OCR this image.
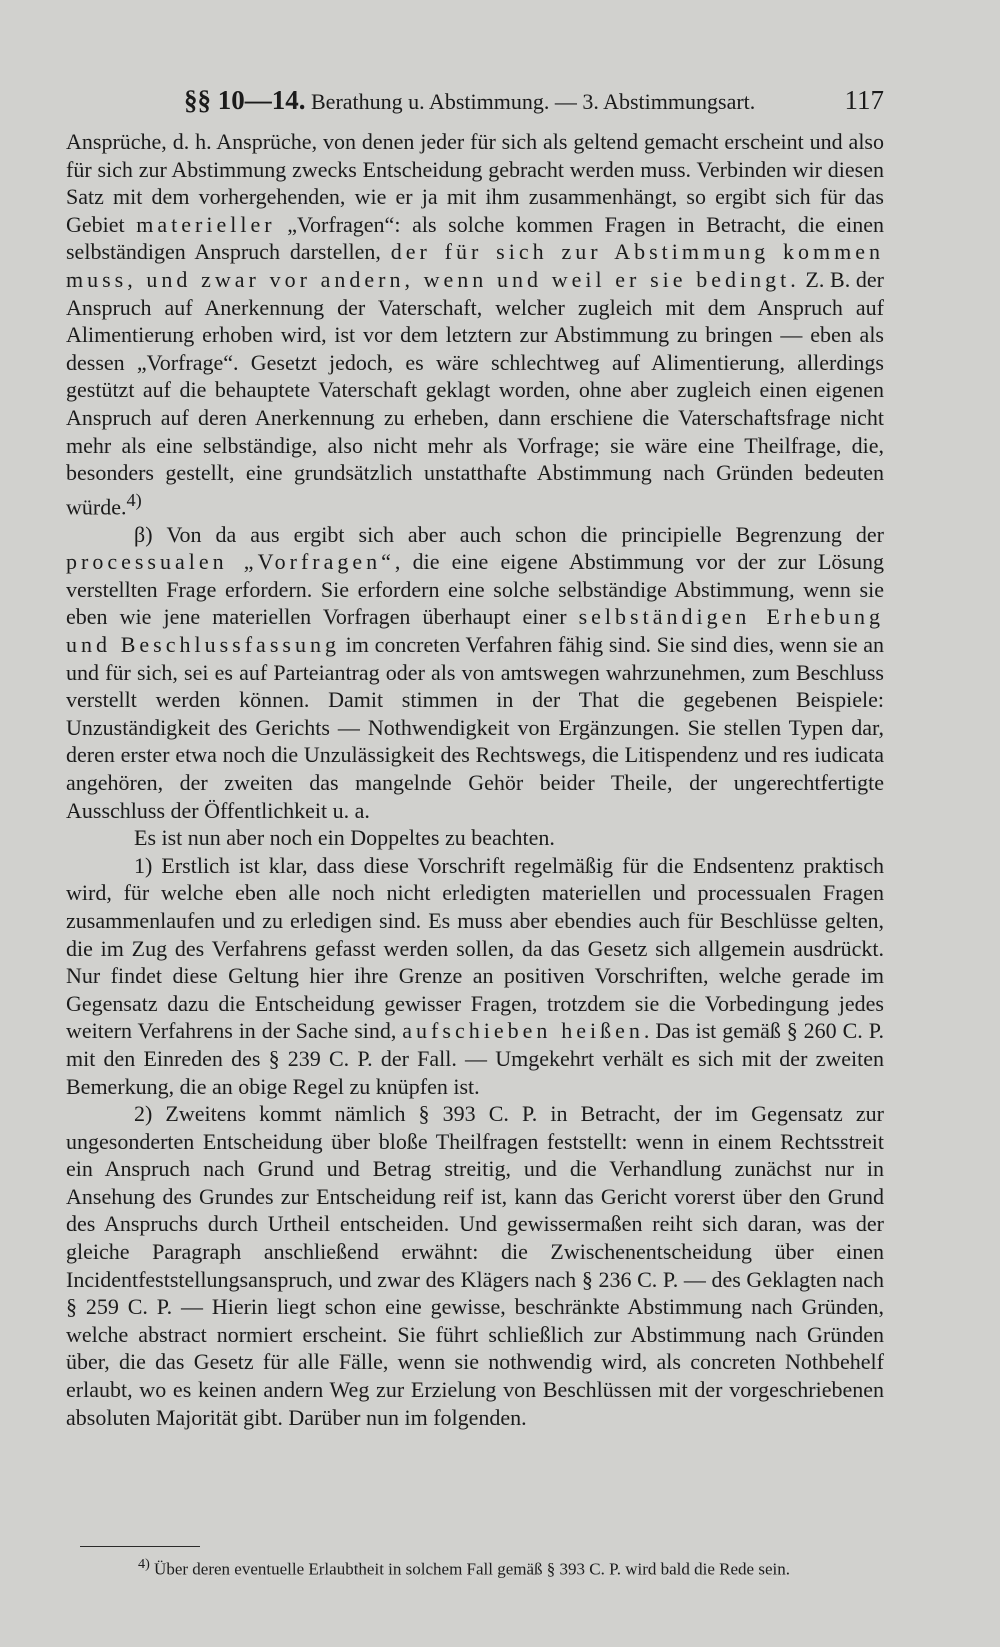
§§ 10—14. Berathung u. Abstimmung. — 3. Abstimmungsart.	117

Ansprüche, d. h. Ansprüche, von denen jeder für sich als geltend gemacht erscheint und also für sich zur Abstimmung zwecks Entscheidung gebracht werden muss. Verbinden wir diesen Satz mit dem vorhergehenden, wie er ja mit ihm zusammenhängt, so ergibt sich für das Gebiet materieller „Vorfragen“: als solche kommen Fragen in Betracht, die einen selbständigen Anspruch darstellen, der für sich zur Abstimmung kommen muss, und zwar vor andern, wenn und weil er sie bedingt. Z. B. der Anspruch auf Anerkennung der Vaterschaft, welcher zugleich mit dem Anspruch auf Alimentierung erhoben wird, ist vor dem letztern zur Abstimmung zu bringen — eben als dessen „Vorfrage“. Gesetzt jedoch, es wäre schlechtweg auf Alimentierung, allerdings gestützt auf die behauptete Vaterschaft geklagt worden, ohne aber zugleich einen eigenen Anspruch auf deren Anerkennung zu erheben, dann erschiene die Vaterschaftsfrage nicht mehr als eine selbständige, also nicht mehr als Vorfrage; sie wäre eine Theilfrage, die, besonders gestellt, eine grundsätzlich unstatthafte Abstimmung nach Gründen bedeuten würde.$^{4)}$

β) Von da aus ergibt sich aber auch schon die principielle Begrenzung der processualen „Vorfragen“, die eine eigene Abstimmung vor der zur Lösung verstellten Frage erfordern. Sie erfordern eine solche selbständige Abstimmung, wenn sie eben wie jene materiellen Vorfragen überhaupt einer selbständigen Erhebung und Beschlussfassung im concreten Verfahren fähig sind. Sie sind dies, wenn sie an und für sich, sei es auf Parteiantrag oder als von amtswegen wahrzunehmen, zum Beschluss verstellt werden können. Damit stimmen in der That die gegebenen Beispiele: Unzuständigkeit des Gerichts — Nothwendigkeit von Ergänzungen. Sie stellen Typen dar, deren erster etwa noch die Unzulässigkeit des Rechtswegs, die Litispendenz und res iudicata angehören, der zweiten das mangelnde Gehör beider Theile, der ungerechtfertigte Ausschluss der Öffentlichkeit u. a.

Es ist nun aber noch ein Doppeltes zu beachten.

1) Erstlich ist klar, dass diese Vorschrift regelmäßig für die Endsentenz praktisch wird, für welche eben alle noch nicht erledigten materiellen und processualen Fragen zusammenlaufen und zu erledigen sind. Es muss aber ebendies auch für Beschlüsse gelten, die im Zug des Verfahrens gefasst werden sollen, da das Gesetz sich allgemein ausdrückt. Nur findet diese Geltung hier ihre Grenze an positiven Vorschriften, welche gerade im Gegensatz dazu die Entscheidung gewisser Fragen, trotzdem sie die Vorbedingung jedes weitern Verfahrens in der Sache sind, aufschieben heißen. Das ist gemäß § 260 C. P. mit den Einreden des § 239 C. P. der Fall. — Umgekehrt verhält es sich mit der zweiten Bemerkung, die an obige Regel zu knüpfen ist.

2) Zweitens kommt nämlich § 393 C. P. in Betracht, der im Gegensatz zur ungesonderten Entscheidung über bloße Theilfragen feststellt: wenn in einem Rechtsstreit ein Anspruch nach Grund und Betrag streitig, und die Verhandlung zunächst nur in Ansehung des Grundes zur Entscheidung reif ist, kann das Gericht vorerst über den Grund des Anspruchs durch Urtheil entscheiden. Und gewissermaßen reiht sich daran, was der gleiche Paragraph anschließend erwähnt: die Zwischenentscheidung über einen Incidentfeststellungsanspruch, und zwar des Klägers nach § 236 C. P. — des Geklagten nach § 259 C. P. — Hierin liegt schon eine gewisse, beschränkte Abstimmung nach Gründen, welche abstract normiert erscheint. Sie führt schließlich zur Abstimmung nach Gründen über, die das Gesetz für alle Fälle, wenn sie nothwendig wird, als concreten Nothbehelf erlaubt, wo es keinen andern Weg zur Erzielung von Beschlüssen mit der vorgeschriebenen absoluten Majorität gibt. Darüber nun im folgenden.

$^{4)}$ Über deren eventuelle Erlaubtheit in solchem Fall gemäß § 393 C. P. wird bald die Rede sein.
